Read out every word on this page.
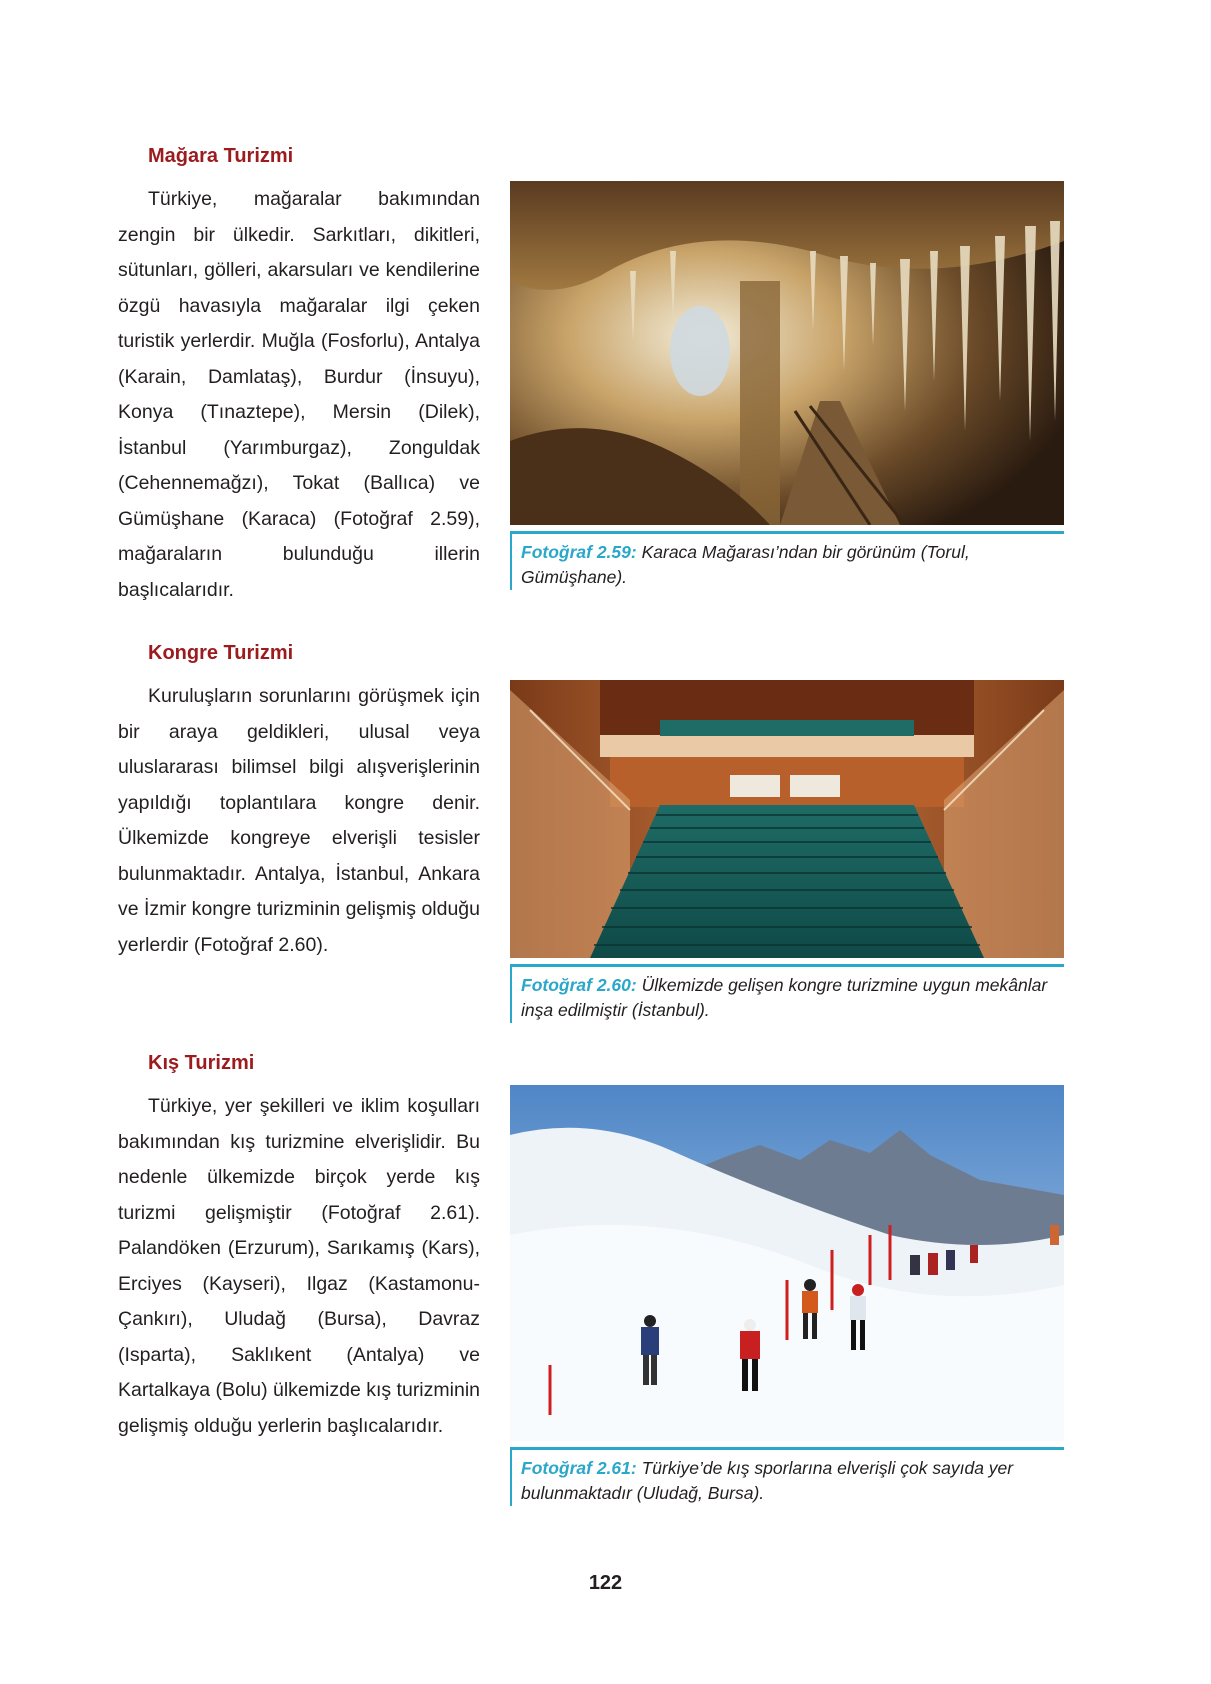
Mağara Turizmi

Türkiye, mağaralar bakımından zengin bir ülkedir. Sarkıtları, dikitleri, sütunları, gölleri, akarsuları ve kendilerine özgü havasıyla mağaralar ilgi çeken turistik yerlerdir. Muğla (Fosforlu), Antalya (Karain, Damlataş), Burdur (İnsuyu), Konya (Tınaztepe), Mersin (Dilek), İstanbul (Yarımburgaz), Zonguldak (Cehennemağzı), Tokat (Ballıca) ve Gümüşhane (Karaca) (Fotoğraf 2.59), mağaraların bulunduğu illerin başlıcalarıdır.

Kongre Turizmi

Kuruluşların sorunlarını görüşmek için bir araya geldikleri, ulusal veya uluslararası bilimsel bilgi alışverişlerinin yapıldığı toplantılara kongre denir. Ülkemizde kongreye elverişli tesisler bulunmaktadır. Antalya, İstanbul, Ankara ve İzmir kongre turizminin gelişmiş olduğu yerlerdir (Fotoğraf 2.60).

Kış Turizmi

Türkiye, yer şekilleri ve iklim koşulları bakımından kış turizmine elverişlidir. Bu nedenle ülkemizde birçok yerde kış turizmi gelişmiştir (Fotoğraf 2.61). Palandöken (Erzurum), Sarıkamış (Kars), Erciyes (Kayseri), Ilgaz (Kastamonu-Çankırı), Uludağ (Bursa), Davraz (Isparta), Saklıkent (Antalya) ve Kartalkaya (Bolu) ülkemizde kış turizminin gelişmiş olduğu yerlerin başlıcalarıdır.

Fotoğraf 2.59: Karaca Mağarası’ndan bir görünüm (Torul, Gümüşhane).
Fotoğraf 2.60: Ülkemizde gelişen kongre turizmine uygun mekânlar inşa edilmiştir (İstanbul).
Fotoğraf 2.61: Türkiye’de kış sporlarına elverişli çok sayıda yer bulunmaktadır (Uludağ, Bursa).
122
